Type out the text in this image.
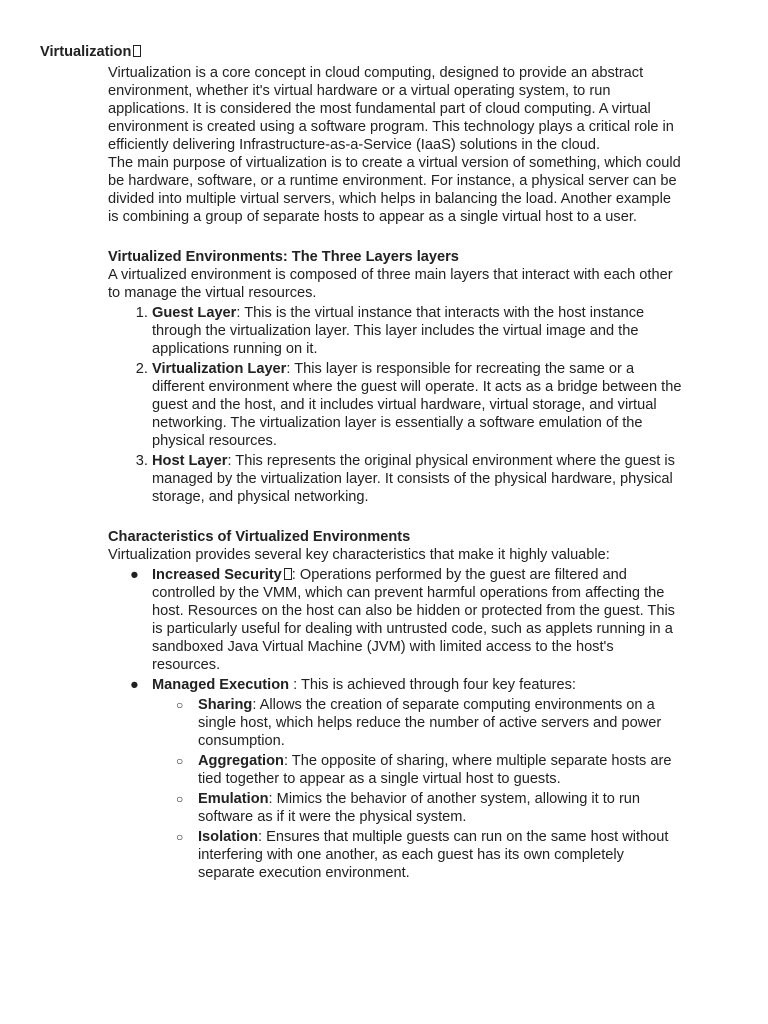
Virtualization

Virtualization is a core concept in cloud computing, designed to provide an abstract environment, whether it's virtual hardware or a virtual operating system, to run applications. It is considered the most fundamental part of cloud computing. A virtual environment is created using a software program. This technology plays a critical role in efficiently delivering Infrastructure-as-a-Service (IaaS) solutions in the cloud.

The main purpose of virtualization is to create a virtual version of something, which could be hardware, software, or a runtime environment. For instance, a physical server can be divided into multiple virtual servers, which helps in balancing the load. Another example is combining a group of separate hosts to appear as a single virtual host to a user.

Virtualized Environments: The Three Layers layers

A virtualized environment is composed of three main layers that interact with each other to manage the virtual resources.

1. Guest Layer: This is the virtual instance that interacts with the host instance through the virtualization layer. This layer includes the virtual image and the applications running on it.
2. Virtualization Layer: This layer is responsible for recreating the same or a different environment where the guest will operate. It acts as a bridge between the guest and the host, and it includes virtual hardware, virtual storage, and virtual networking. The virtualization layer is essentially a software emulation of the physical resources.
3. Host Layer: This represents the original physical environment where the guest is managed by the virtualization layer. It consists of the physical hardware, physical storage, and physical networking.

Characteristics of Virtualized Environments

Virtualization provides several key characteristics that make it highly valuable:

● Increased Security : Operations performed by the guest are filtered and controlled by the VMM, which can prevent harmful operations from affecting the host. Resources on the host can also be hidden or protected from the guest. This is particularly useful for dealing with untrusted code, such as applets running in a sandboxed Java Virtual Machine (JVM) with limited access to the host's resources.
● Managed Execution : This is achieved through four key features:
○ Sharing: Allows the creation of separate computing environments on a single host, which helps reduce the number of active servers and power consumption.
○ Aggregation: The opposite of sharing, where multiple separate hosts are tied together to appear as a single virtual host to guests.
○ Emulation: Mimics the behavior of another system, allowing it to run software as if it were the physical system.
○ Isolation: Ensures that multiple guests can run on the same host without interfering with one another, as each guest has its own completely separate execution environment.
